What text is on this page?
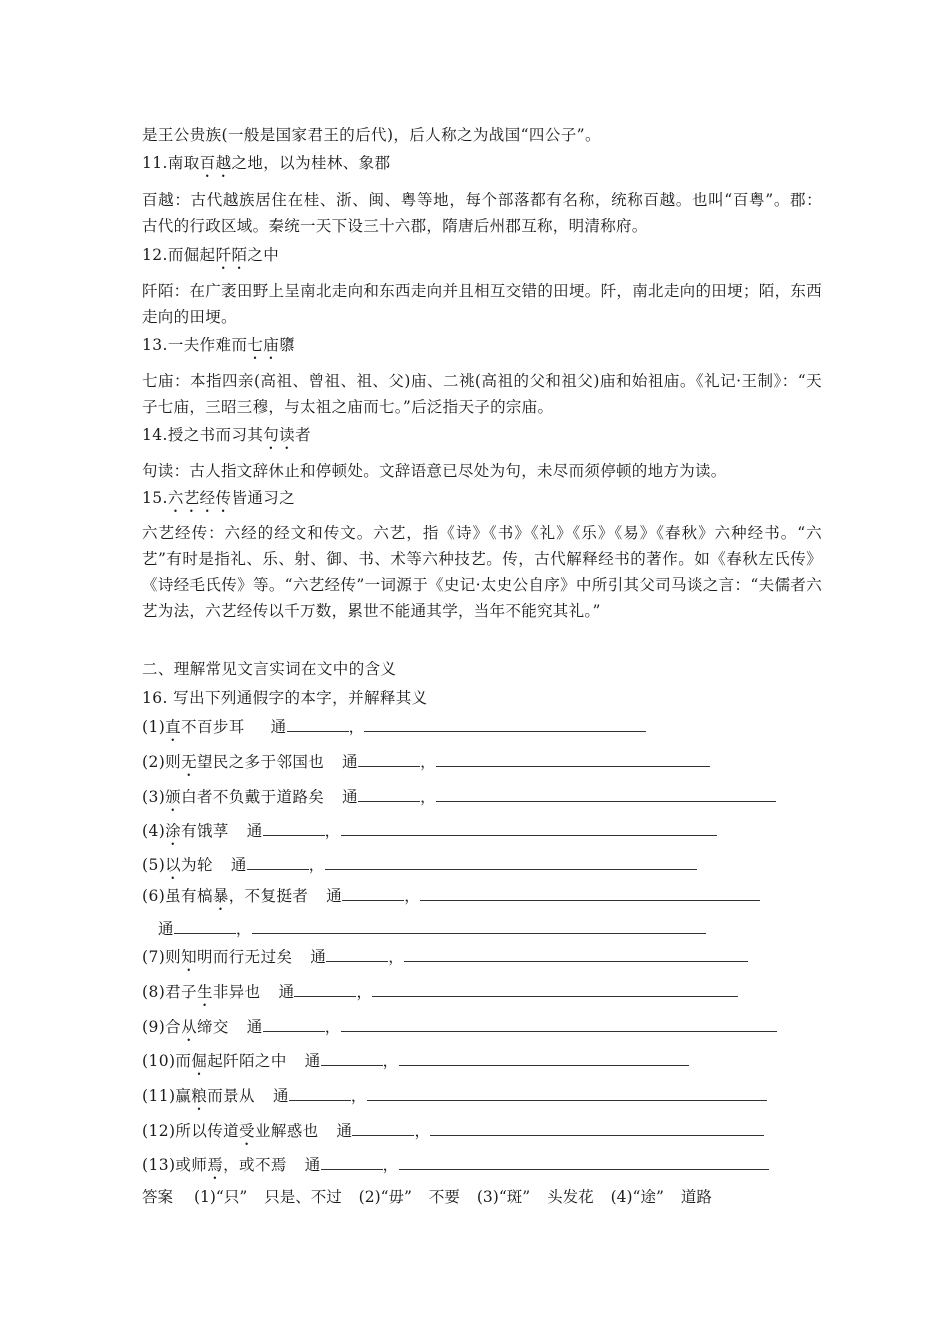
是王公贵族(一般是国家君王的后代)，后人称之为战国“四公子”。
11.南取百越之地，以为桂林、象郡
百越：古代越族居住在桂、浙、闽、粤等地，每个部落都有名称，统称百越。也叫“百粤”。郡：古代的行政区域。秦统一天下设三十六郡，隋唐后州郡互称，明清称府。
12.而倔起阡陌之中
阡陌：在广袤田野上呈南北走向和东西走向并且相互交错的田埂。阡，南北走向的田埂；陌，东西走向的田埂。
13.一夫作难而七庙隳
七庙：本指四亲(高祖、曾祖、祖、父)庙、二祧(高祖的父和祖父)庙和始祖庙。《礼记·王制》：“天子七庙，三昭三穆，与太祖之庙而七。”后泛指天子的宗庙。
14.授之书而习其句读者
句读：古人指文辞休止和停顿处。文辞语意已尽处为句，未尽而须停顿的地方为读。
15.六艺经传皆通习之
六艺经传：六经的经文和传文。六艺，指《诗》《书》《礼》《乐》《易》《春秋》六种经书。“六艺”有时是指礼、乐、射、御、书、术等六种技艺。传，古代解释经书的著作。如《春秋左氏传》《诗经毛氏传》等。“六艺经传”一词源于《史记·太史公自序》中所引其父司马谈之言：“夫儒者六艺为法，六艺经传以千万数，累世不能通其学，当年不能究其礼。”
二、理解常见文言实词在文中的含义
16. 写出下列通假字的本字，并解释其义
(1)直不百步耳 通	，
(2)则无望民之多于邻国也 通	，
(3)颁白者不负戴于道路矣 通	，
(4)涂有饿莩 通	，
(5)以为轮 通	，
(6)虽有槁暴，不复挺者 通	，
通	，
(7)则知明而行无过矣 通	，
(8)君子生非异也 通	，
(9)合从缔交 通	，
(10)而倔起阡陌之中 通	，
(11)赢粮而景从 通	，
(12)所以传道受业解惑也 通	，
(13)或师焉，或不焉 通	，
答案 (1)“只” 只是、不过 (2)“毋” 不要 (3)“斑” 头发花 (4)“途” 道路
